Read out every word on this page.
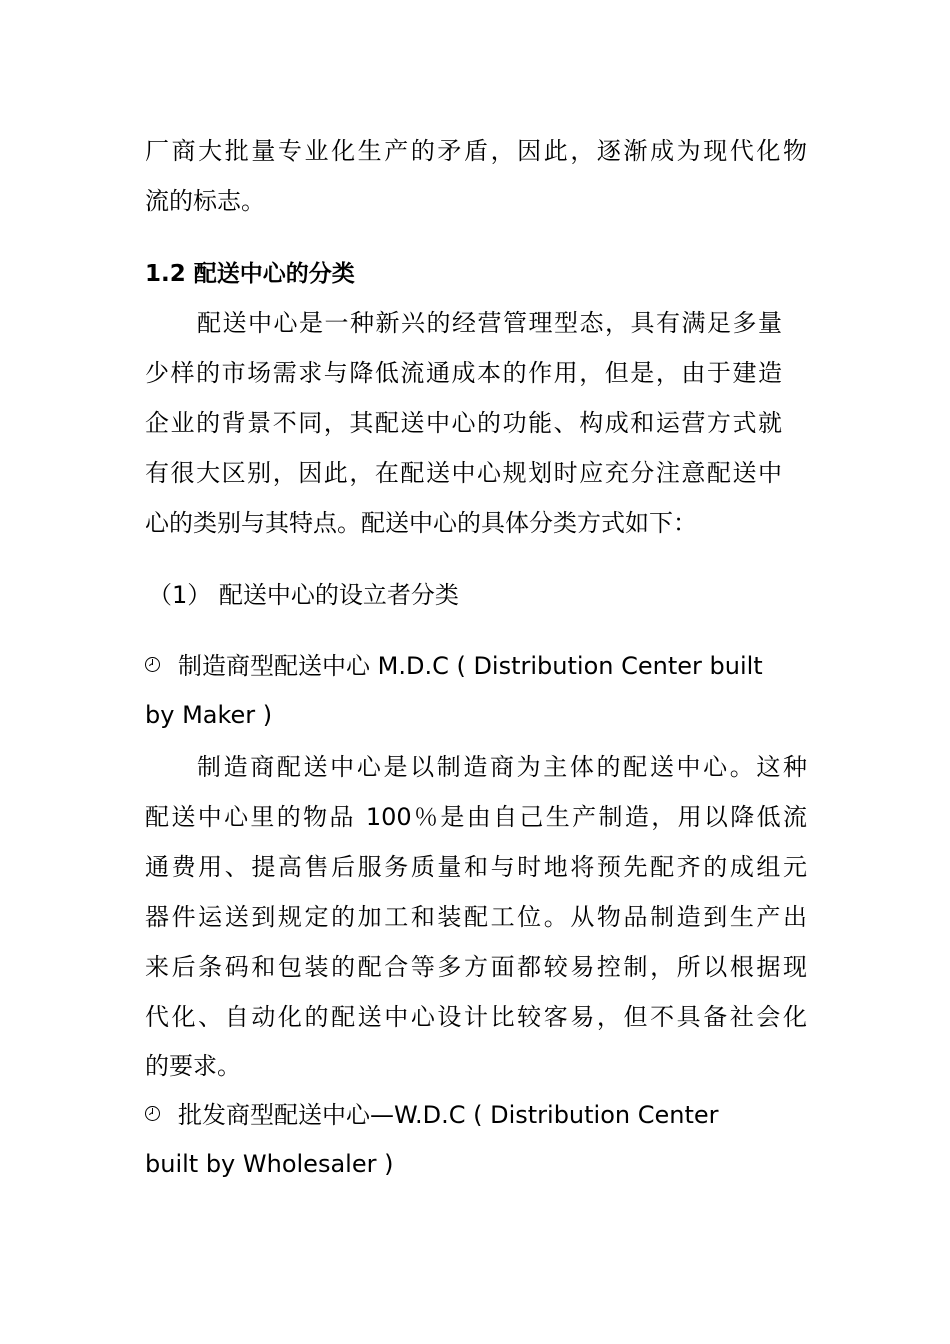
厂商大批量专业化生产的矛盾，因此，逐渐成为现代化物
流的标志。
1.2 配送中心的分类
配送中心是一种新兴的经营管理型态，具有满足多量
少样的市场需求与降低流通成本的作用，但是，由于建造
企业的背景不同，其配送中心的功能、构成和运营方式就
有很大区别，因此，在配送中心规划时应充分注意配送中
心的类别与其特点。配送中心的具体分类方式如下：
（1） 配送中心的设立者分类
制造商型配送中心 M.D.C ( Distribution Center built
by Maker )
制造商配送中心是以制造商为主体的配送中心。这种
配送中心里的物品 100％是由自己生产制造，用以降低流
通费用、提高售后服务质量和与时地将预先配齐的成组元
器件运送到规定的加工和装配工位。从物品制造到生产出
来后条码和包装的配合等多方面都较易控制，所以根据现
代化、自动化的配送中心设计比较客易，但不具备社会化
的要求。
批发商型配送中心—W.D.C ( Distribution Center
built by Wholesaler )
